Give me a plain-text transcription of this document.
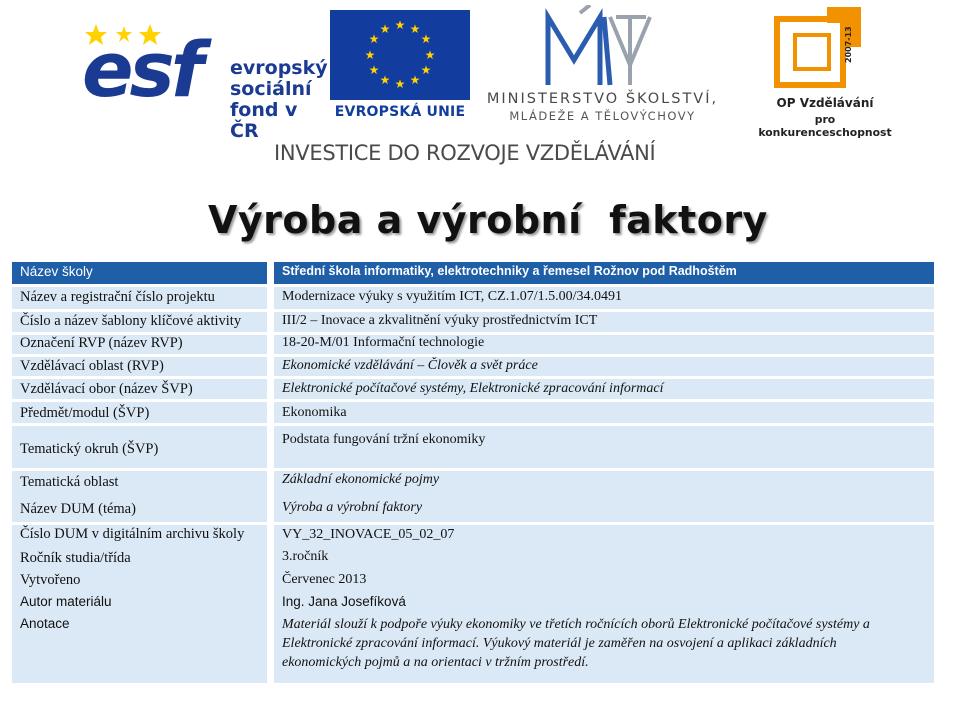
esf evropský
sociální
fond v ČR
★ ★
★
★
★
★
★
★
★
★
★
★
EVROPSKÁ UNIE
MINISTERSTVO ŠKOLSTVÍ,
MLÁDEŽE A TĚLOVÝCHOVY
2007-13
OP Vzdělávání
pro konkurenceschopnost
INVESTICE DO ROZVOJE VZDĚLÁVÁNÍ
Výroba a výrobní  faktory
Název školy
Název a registrační číslo projektu
Číslo a název šablony klíčové aktivity
Označení RVP (název RVP)
Vzdělávací oblast (RVP)
Vzdělávací obor (název ŠVP)
Předmět/modul (ŠVP)
Tematický okruh (ŠVP)
Tematická oblast
Název DUM (téma)
Číslo DUM v digitálním archivu školy
Ročník studia/třída
Vytvořeno
Autor materiálu
Anotace
Střední škola informatiky, elektrotechniky a řemesel Rožnov pod Radhoštěm
Modernizace výuky s využitím ICT, CZ.1.07/1.5.00/34.0491
III/2 – Inovace a zkvalitnění výuky prostřednictvím ICT
18-20-M/01 Informační technologie
Ekonomické vzdělávání – Člověk a svět práce
Elektronické počítačové systémy, Elektronické zpracování informací
Ekonomika
Podstata fungování tržní ekonomiky
Základní ekonomické pojmy
Výroba a výrobní faktory
VY_32_INOVACE_05_02_07
3.ročník
Červenec 2013
Ing. Jana Josefíková
Materiál slouží k podpoře výuky ekonomiky ve třetích ročnících oborů Elektronické počítačové systémy a Elektronické zpracování informací. Výukový materiál je zaměřen na osvojení a aplikaci základních ekonomických pojmů a na orientaci v tržním prostředí.
